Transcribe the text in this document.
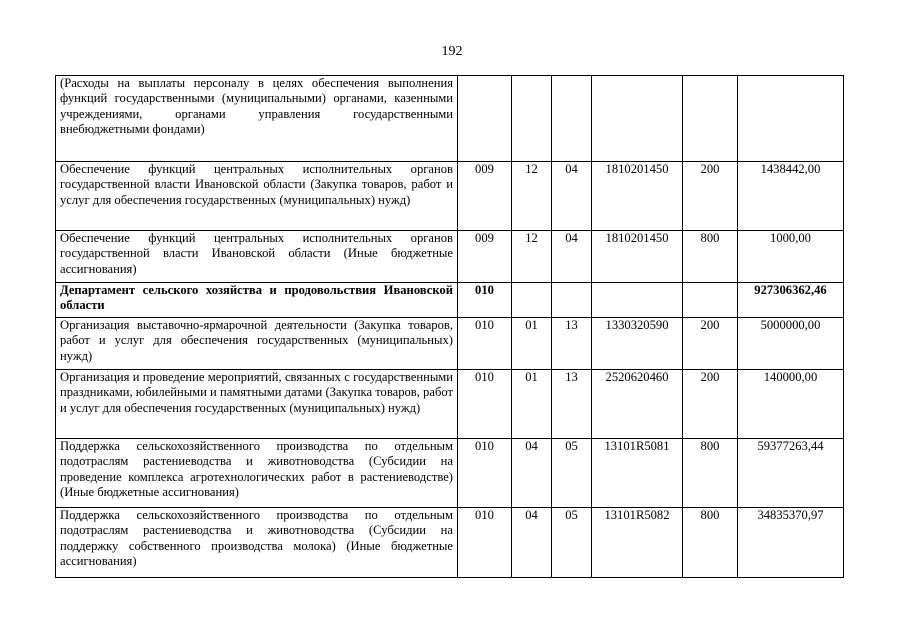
192
(Расходы на выплаты персоналу в целях обеспечения выполнения функций государственными (муниципальными) органами, казенными учреждениями, органами управления государственными внебюджетными фондами)						
Обеспечение функций центральных исполнительных органов государственной власти Ивановской области (Закупка товаров, работ и услуг для обеспечения государственных (муниципальных) нужд)	009	12	04	1810201450	200	1438442,00
Обеспечение функций центральных исполнительных органов государственной власти Ивановской области (Иные бюджетные ассигнования)	009	12	04	1810201450	800	1000,00
Департамент сельского хозяйства и продовольствия Ивановской области	010					927306362,46
Организация выставочно-ярмарочной деятельности (Закупка товаров, работ и услуг для обеспечения государственных (муниципальных) нужд)	010	01	13	1330320590	200	5000000,00
Организация и проведение мероприятий, связанных с государственными праздниками, юбилейными и памятными датами (Закупка товаров, работ и услуг для обеспечения государственных (муниципальных) нужд)	010	01	13	2520620460	200	140000,00
Поддержка сельскохозяйственного производства по отдельным подотраслям растениеводства и животноводства (Субсидии на проведение комплекса агротехнологических работ в растениеводстве) (Иные бюджетные ассигнования)	010	04	05	13101R5081	800	59377263,44
Поддержка сельскохозяйственного производства по отдельным подотраслям растениеводства и животноводства (Субсидии на поддержку собственного производства молока) (Иные бюджетные ассигнования)	010	04	05	13101R5082	800	34835370,97
